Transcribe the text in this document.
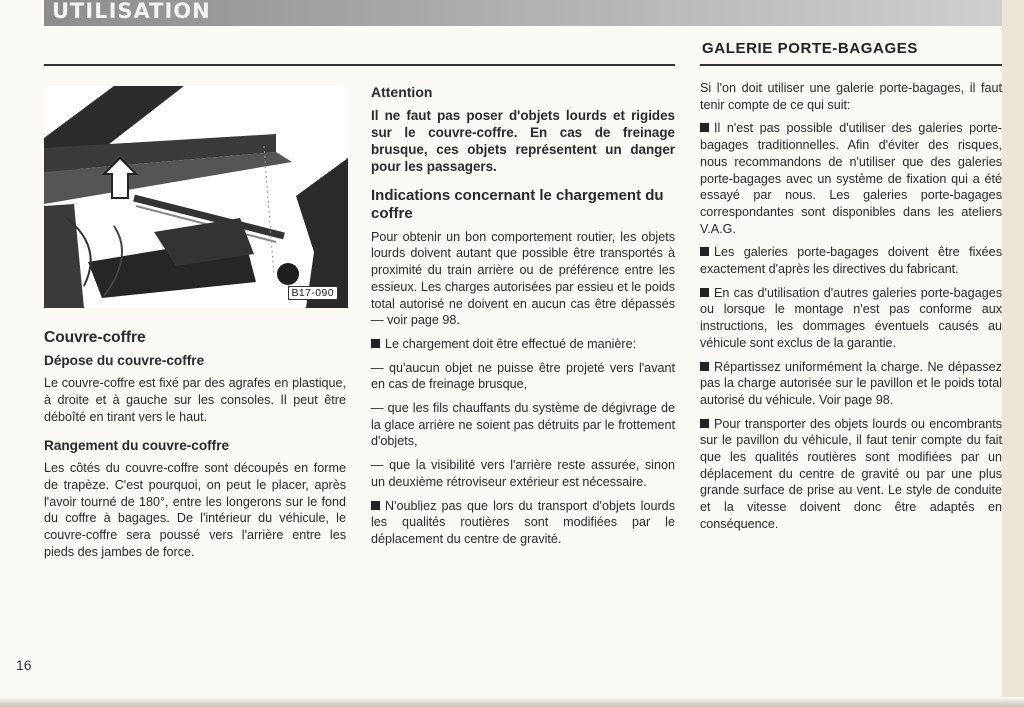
UTILISATION
GALERIE PORTE-BAGAGES
B17-090
Couvre-coffre
Dépose du couvre-coffre

Le couvre-coffre est fixé par des agrafes en plastique, à droite et à gauche sur les consoles. Il peut être déboîté en tirant vers le haut.

Rangement du couvre-coffre

Les côtés du couvre-coffre sont découpés en forme de trapèze. C'est pourquoi, on peut le placer, après l'avoir tourné de 180°, entre les longerons sur le fond du coffre à bagages. De l'intérieur du véhicule, le couvre-coffre sera poussé vers l'arrière entre les pieds des jambes de force.

Attention
Il ne faut pas poser d'objets lourds et rigides sur le couvre-coffre. En cas de freinage brusque, ces objets représentent un danger pour les passagers.
Indications concernant le chargement du coffre

Pour obtenir un bon comportement routier, les objets lourds doivent autant que possible être transportés à proximité du train arrière ou de préférence entre les essieux. Les charges autorisées par essieu et le poids total autorisé ne doivent en aucun cas être dépassés — voir page 98.

Le chargement doit être effectué de manière:

— qu'aucun objet ne puisse être projeté vers l'avant en cas de freinage brusque,

— que les fils chauffants du système de dégivrage de la glace arrière ne soient pas détruits par le frottement d'objets,

— que la visibilité vers l'arrière reste assurée, sinon un deuxième rétroviseur extérieur est nécessaire.

N'oubliez pas que lors du transport d'objets lourds les qualités routières sont modifiées par le déplacement du centre de gravité.

Si l'on doit utiliser une galerie porte-bagages, il faut tenir compte de ce qui suit:

Il n'est pas possible d'utiliser des galeries porte-bagages traditionnelles. Afin d'éviter des risques, nous recommandons de n'utiliser que des galeries porte-bagages avec un système de fixation qui a été essayé par nous. Les galeries porte-bagages correspondantes sont disponibles dans les ateliers V.A.G.

Les galeries porte-bagages doivent être fixées exactement d'après les directives du fabricant.

En cas d'utilisation d'autres galeries porte-bagages ou lorsque le montage n'est pas conforme aux instructions, les dommages éventuels causés au véhicule sont exclus de la garantie.

Répartissez uniformément la charge. Ne dépassez pas la charge autorisée sur le pavillon et le poids total autorisé du véhicule. Voir page 98.

Pour transporter des objets lourds ou encombrants sur le pavillon du véhicule, il faut tenir compte du fait que les qualités routières sont modifiées par un déplacement du centre de gravité ou par une plus grande surface de prise au vent. Le style de conduite et la vitesse doivent donc être adaptés en conséquence.

16
